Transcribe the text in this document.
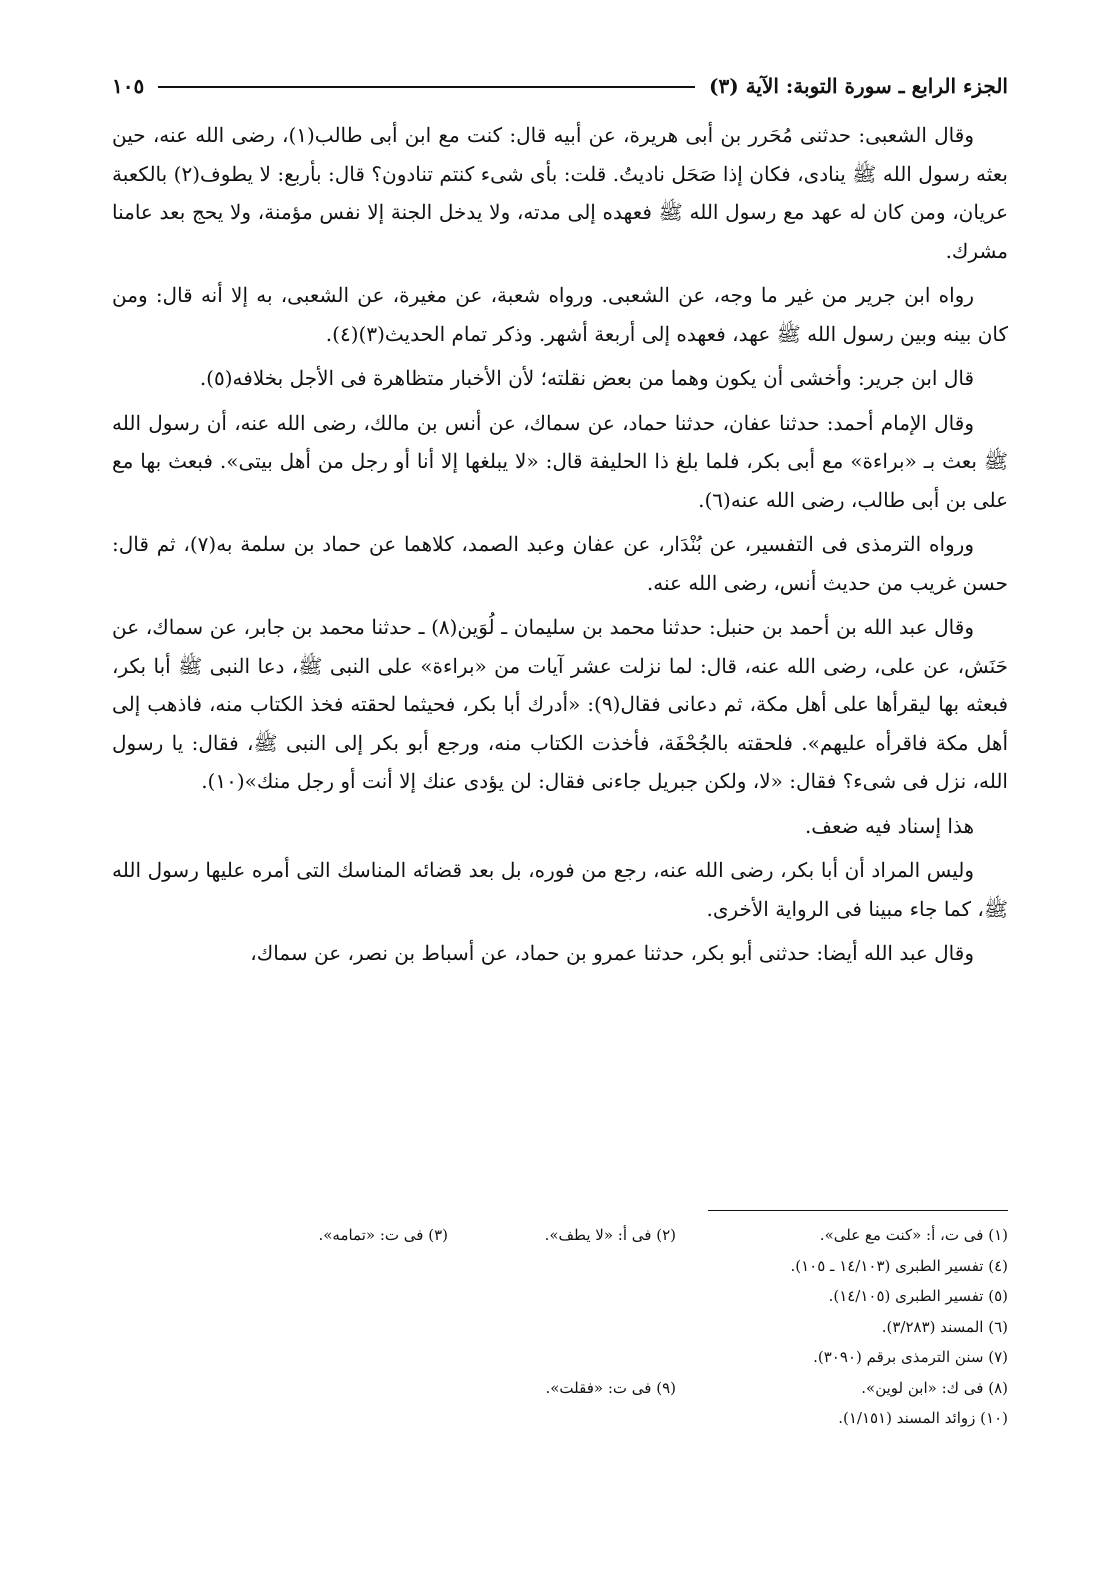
الجزء الرابع ـ سورة التوبة: الآية (٣)
١٠٥

وقال الشعبى: حدثنى مُحَرر بن أبى هريرة، عن أبيه قال: كنت مع ابن أبى طالب(١)، رضى الله عنه، حين بعثه رسول الله ﷺ ينادى، فكان إذا صَحَل ناديتُ. قلت: بأى شىء كنتم تنادون؟ قال: بأربع: لا يطوف(٢) بالكعبة عريان، ومن كان له عهد مع رسول الله ﷺ فعهده إلى مدته، ولا يدخل الجنة إلا نفس مؤمنة، ولا يحج بعد عامنا مشرك.

رواه ابن جرير من غير ما وجه، عن الشعبى. ورواه شعبة، عن مغيرة، عن الشعبى، به إلا أنه قال: ومن كان بينه وبين رسول الله ﷺ عهد، فعهده إلى أربعة أشهر. وذكر تمام الحديث(٣)(٤).

قال ابن جرير: وأخشى أن يكون وهما من بعض نقلته؛ لأن الأخبار متظاهرة فى الأجل بخلافه(٥).

وقال الإمام أحمد: حدثنا عفان، حدثنا حماد، عن سماك، عن أنس بن مالك، رضى الله عنه، أن رسول الله ﷺ بعث بـ «براءة» مع أبى بكر، فلما بلغ ذا الحليفة قال: «لا يبلغها إلا أنا أو رجل من أهل بيتى». فبعث بها مع على بن أبى طالب، رضى الله عنه(٦).

ورواه الترمذى فى التفسير، عن بُنْدَار، عن عفان وعبد الصمد، كلاهما عن حماد بن سلمة به(٧)، ثم قال: حسن غريب من حديث أنس، رضى الله عنه.

وقال عبد الله بن أحمد بن حنبل: حدثنا محمد بن سليمان ـ لُوَين(٨) ـ حدثنا محمد بن جابر، عن سماك، عن حَنَش، عن على، رضى الله عنه، قال: لما نزلت عشر آيات من «براءة» على النبى ﷺ، دعا النبى ﷺ أبا بكر، فبعثه بها ليقرأها على أهل مكة، ثم دعانى فقال(٩): «أدرك أبا بكر، فحيثما لحقته فخذ الكتاب منه، فاذهب إلى أهل مكة فاقرأه عليهم». فلحقته بالجُحْفَة، فأخذت الكتاب منه، ورجع أبو بكر إلى النبى ﷺ، فقال: يا رسول الله، نزل فى شىء؟ فقال: «لا، ولكن جبريل جاءنى فقال: لن يؤدى عنك إلا أنت أو رجل منك»(١٠).

هذا إسناد فيه ضعف.

وليس المراد أن أبا بكر، رضى الله عنه، رجع من فوره، بل بعد قضائه المناسك التى أمره عليها رسول الله ﷺ، كما جاء مبينا فى الرواية الأخرى.

وقال عبد الله أيضا: حدثنى أبو بكر، حدثنا عمرو بن حماد، عن أسباط بن نصر، عن سماك،

(١) فى ت، أ: «كنت مع على».
(٢) فى أ: «لا يطف».
(٣) فى ت: «تمامه».
(٤) تفسير الطبرى (١٤/١٠٣ ـ ١٠٥).
(٥) تفسير الطبرى (١٤/١٠٥).
(٦) المسند (٣/٢٨٣).
(٧) سنن الترمذى برقم (٣٠٩٠).
(٨) فى ك: «ابن لوين».
(٩) فى ت: «فقلت».
(١٠) زوائد المسند (١/١٥١).
